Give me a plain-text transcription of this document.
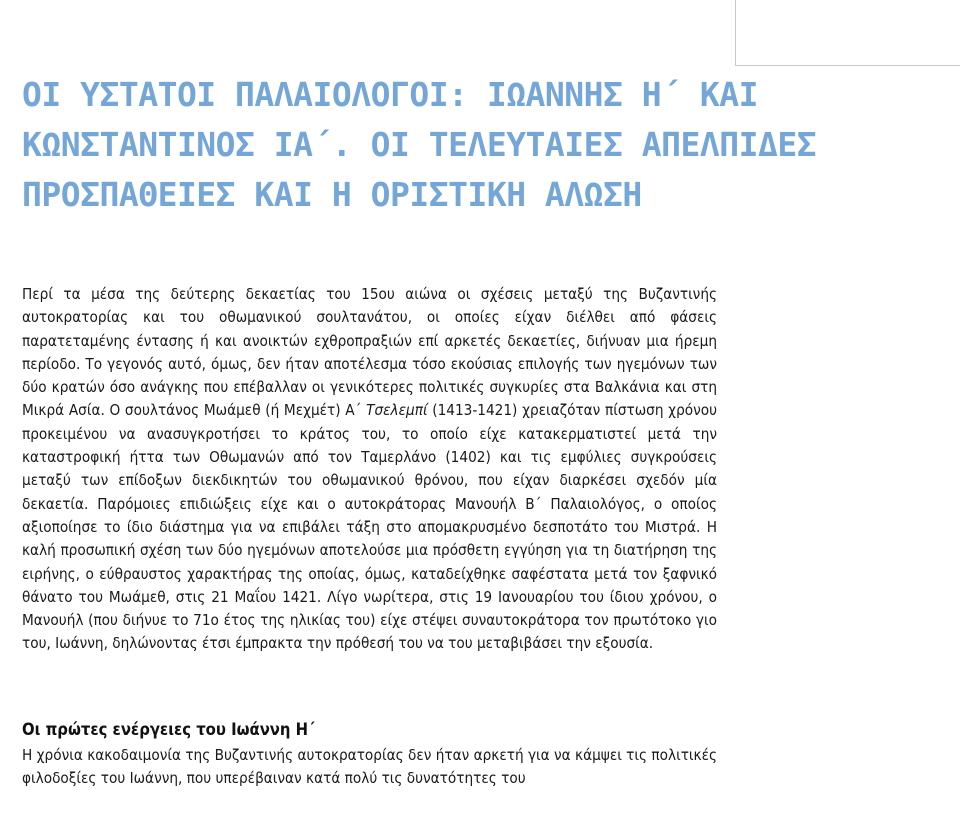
ΟΙ ΥΣΤΑΤΟΙ ΠΑΛΑΙΟΛΟΓΟΙ: ΙΩΑΝΝΗΣ Η΄ ΚΑΙ
ΚΩΝΣΤΑΝΤΙΝΟΣ ΙΑ΄. ΟΙ ΤΕΛΕΥΤΑΙΕΣ ΑΠΕΛΠΙΔΕΣ
ΠΡΟΣΠΑΘΕΙΕΣ ΚΑΙ Η ΟΡΙΣΤΙΚΗ ΑΛΩΣΗ

Περί τα μέσα της δεύτερης δεκαετίας του 15ου αιώνα οι σχέσεις μεταξύ της Βυζαντινής αυτοκρατορίας και του οθωμανικού σουλτανάτου, οι οποίες είχαν διέλθει από φάσεις παρατεταμένης έντασης ή και ανοικτών εχθροπραξιών επί αρκετές δεκαετίες, διήνυαν μια ήρεμη περίοδο. Το γεγονός αυτό, όμως, δεν ήταν αποτέλεσμα τόσο εκούσιας επιλογής των ηγεμόνων των δύο κρατών όσο ανάγκης που επέβαλλαν οι γενικότερες πολιτικές συγκυρίες στα Βαλκάνια και στη Μικρά Ασία. Ο σουλτάνος Μωάμεθ (ή Μεχμέτ) Α΄ Τσελεμπί (1413-1421) χρειαζόταν πίστωση χρόνου προκειμένου να ανασυγκροτήσει το κράτος του, το οποίο είχε κατακερματιστεί μετά την καταστροφική ήττα των Οθωμανών από τον Ταμερλάνο (1402) και τις εμφύλιες συγκρούσεις μεταξύ των επίδοξων διεκδικητών του οθωμανικού θρόνου, που είχαν διαρκέσει σχεδόν μία δεκαετία. Παρόμοιες επιδιώξεις είχε και ο αυτοκράτορας Μανουήλ Β΄ Παλαιολόγος, ο οποίος αξιοποίησε το ίδιο διάστημα για να επιβάλει τάξη στο απομακρυσμένο δεσποτάτο του Μιστρά. Η καλή προσωπική σχέση των δύο ηγεμόνων αποτελούσε μια πρόσθετη εγγύηση για τη διατήρηση της ειρήνης, ο εύθραυστος χαρακτήρας της οποίας, όμως, καταδείχθηκε σαφέστατα μετά τον ξαφνικό θάνατο του Μωάμεθ, στις 21 Μαΐου 1421. Λίγο νωρίτερα, στις 19 Ιανουαρίου του ίδιου χρόνου, ο Μανουήλ (που διήνυε το 71ο έτος της ηλικίας του) είχε στέψει συναυτοκράτορα τον πρωτότοκο γιο του, Ιωάννη, δηλώνοντας έτσι έμπρακτα την πρόθεσή του να του μεταβιβάσει την εξουσία.

Οι πρώτες ενέργειες του Ιωάννη Η΄

Η χρόνια κακοδαιμονία της Βυζαντινής αυτοκρατορίας δεν ήταν αρκετή για να κάμψει τις πολιτικές φιλοδοξίες του Ιωάννη, που υπερέβαιναν κατά πολύ τις δυνατότητες του
